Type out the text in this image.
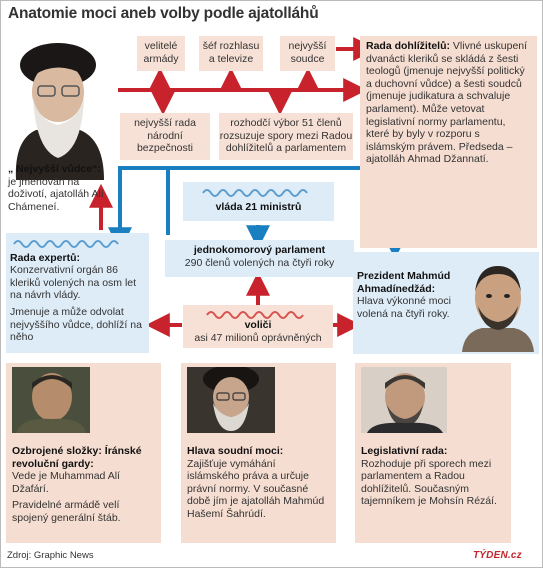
Anatomie moci aneb volby podle ajatolláhů
velitelé armády
šéf rozhlasu a televize
nejvyšší soudce
Rada dohlížitelů: Vlivné uskupení dvanácti kleriků se skládá z šesti teologů (jmenuje nejvyšší politický a duchovní vůdce) a šesti soudců (jmenuje judikatura a schvaluje parlament). Může vetovat legislativní normy parlamentu, které by byly v rozporu s islámským právem. Předseda – ajatolláh Ahmad Džannatí.
nejvyšší rada národní bezpečnosti
rozhodčí výbor 51 členů rozsuzuje spory mezi Radou dohlížitelů a parlamentem
„ Nejvyšší vůdce“: je jmenován na doživotí, ajatolláh Alí Chámeneí.	vláda 21 ministrů
jednokomorový parlament
290 členů volených na čtyři roky
Rada expertů:
Konzervativní orgán 86 kleriků volených na osm let na návrh vlády.
Jmenuje a může odvolat nejvyššího vůdce, dohlíží na něho
Prezident Mahmúd Ahmadínedžád:
Hlava výkonné moci volená na čtyři roky.
voliči
asi 47 milionů oprávněných
Ozbrojené složky: Íránské revoluční gardy:
Vede je Muhammad Alí Džafárí.
Pravidelné armádě velí spojený generální štáb.
Hlava soudní moci:
Zajišťuje vymáhání islámského práva a určuje právní normy. V současné době jím je ajatolláh Mahmúd Hašemí Šahrúdí.
Legislativní rada:
Rozhoduje při sporech mezi parlamentem a Radou dohlížitelů. Současným tajemníkem je Mohsín Rézáí.
Zdroj: Graphic News	TÝDEN.cz
